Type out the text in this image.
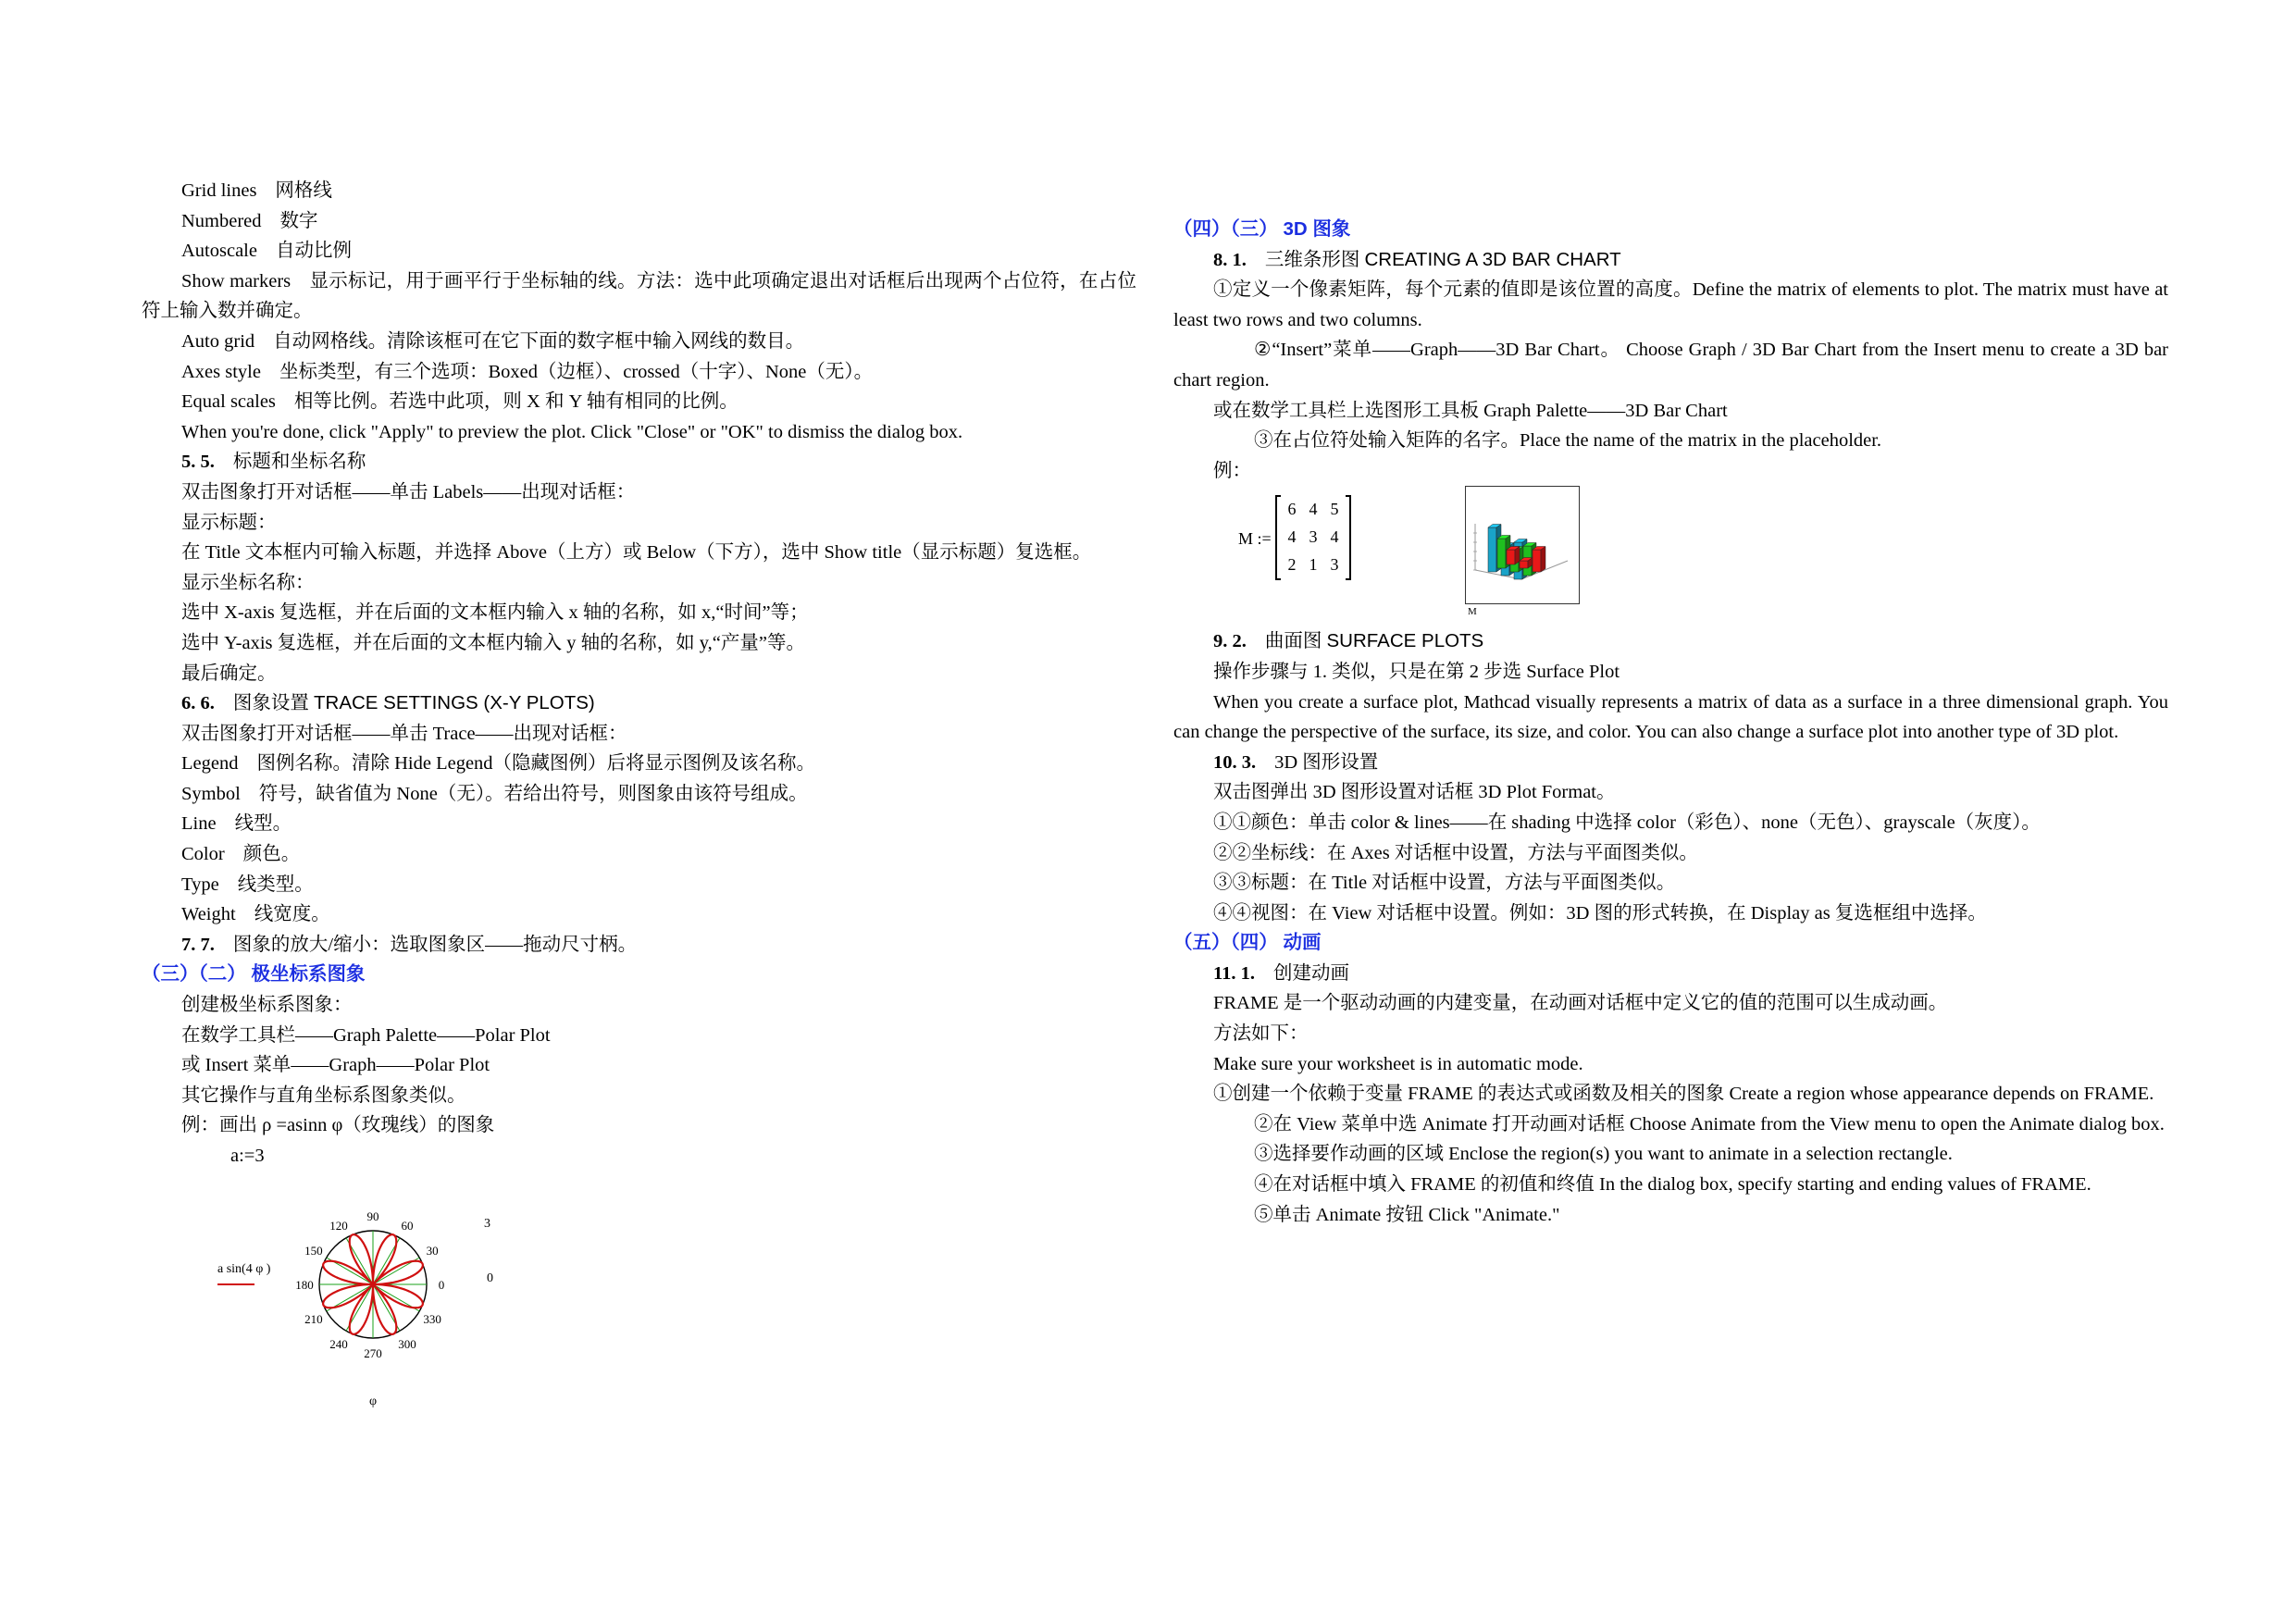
Grid lines 网格线
Numbered 数字
Autoscale 自动比例
Show markers 显示标记，用于画平行于坐标轴的线。方法：选中此项确定退出对话框后出现两个占位符，在占位符上输入数并确定。
Auto grid 自动网格线。清除该框可在它下面的数字框中输入网线的数目。
Axes style 坐标类型，有三个选项：Boxed（边框）、crossed（十字）、None（无）。
Equal scales 相等比例。若选中此项，则 X 和 Y 轴有相同的比例。
When you're done, click "Apply" to preview the plot. Click "Close" or "OK" to dismiss the dialog box.
5. 5. 标题和坐标名称
双击图象打开对话框——单击 Labels——出现对话框：
显示标题：
在 Title 文本框内可输入标题，并选择 Above（上方）或 Below（下方），选中 Show title（显示标题）复选框。
显示坐标名称：
选中 X-axis 复选框，并在后面的文本框内输入 x 轴的名称，如 x,“时间”等；
选中 Y-axis 复选框，并在后面的文本框内输入 y 轴的名称，如 y,“产量”等。
最后确定。
6. 6. 图象设置 TRACE SETTINGS (X-Y PLOTS)
双击图象打开对话框——单击 Trace——出现对话框：
Legend 图例名称。清除 Hide Legend（隐藏图例）后将显示图例及该名称。
Symbol 符号，缺省值为 None（无）。若给出符号，则图象由该符号组成。
Line 线型。
Color 颜色。
Type 线类型。
Weight 线宽度。
7. 7. 图象的放大/缩小：选取图象区——拖动尺寸柄。
（三）（二） 极坐标系图象
创建极坐标系图象：
在数学工具栏——Graph Palette——Polar Plot
或 Insert 菜单——Graph——Polar Plot
其它操作与直角坐标系图象类似。
例：画出 ρ =asinn φ（玫瑰线）的图象
a:=3
90
60
30
0
330
300
270
240
210
180
150
120	3
0
a sin(4 φ )
φ
（四）（三） 3D 图象
8. 1. 三维条形图 CREATING A 3D BAR CHART
①定义一个像素矩阵，每个元素的值即是该位置的高度。Define the matrix of elements to plot. The matrix must have at least two rows and two columns.
②“Insert”菜单——Graph——3D Bar Chart。 Choose Graph / 3D Bar Chart from the Insert menu to create a 3D bar chart region.
或在数学工具栏上选图形工具板 Graph Palette——3D Bar Chart
③在占位符处输入矩阵的名字。Place the name of the matrix in the placeholder.
例：
M :=
6	4	5
4	3	4
2	1	3
M
9. 2. 曲面图 SURFACE PLOTS
操作步骤与 1. 类似，只是在第 2 步选 Surface Plot
When you create a surface plot, Mathcad visually represents a matrix of data as a surface in a three dimensional graph. You can change the perspective of the surface, its size, and color. You can also change a surface plot into another type of 3D plot.
10. 3. 3D 图形设置
双击图弹出 3D 图形设置对话框 3D Plot Format。
①①颜色：单击 color & lines——在 shading 中选择 color（彩色）、none（无色）、grayscale（灰度）。
②②坐标线：在 Axes 对话框中设置，方法与平面图类似。
③③标题：在 Title 对话框中设置，方法与平面图类似。
④④视图：在 View 对话框中设置。例如：3D 图的形式转换，在 Display as 复选框组中选择。
（五）（四） 动画
11. 1. 创建动画
FRAME 是一个驱动动画的内建变量，在动画对话框中定义它的值的范围可以生成动画。
方法如下：
Make sure your worksheet is in automatic mode.
①创建一个依赖于变量 FRAME 的表达式或函数及相关的图象 Create a region whose appearance depends on FRAME.
②在 View 菜单中选 Animate 打开动画对话框 Choose Animate from the View menu to open the Animate dialog box.
③选择要作动画的区域 Enclose the region(s) you want to animate in a selection rectangle.
④在对话框中填入 FRAME 的初值和终值 In the dialog box, specify starting and ending values of FRAME.
⑤单击 Animate 按钮 Click "Animate."
